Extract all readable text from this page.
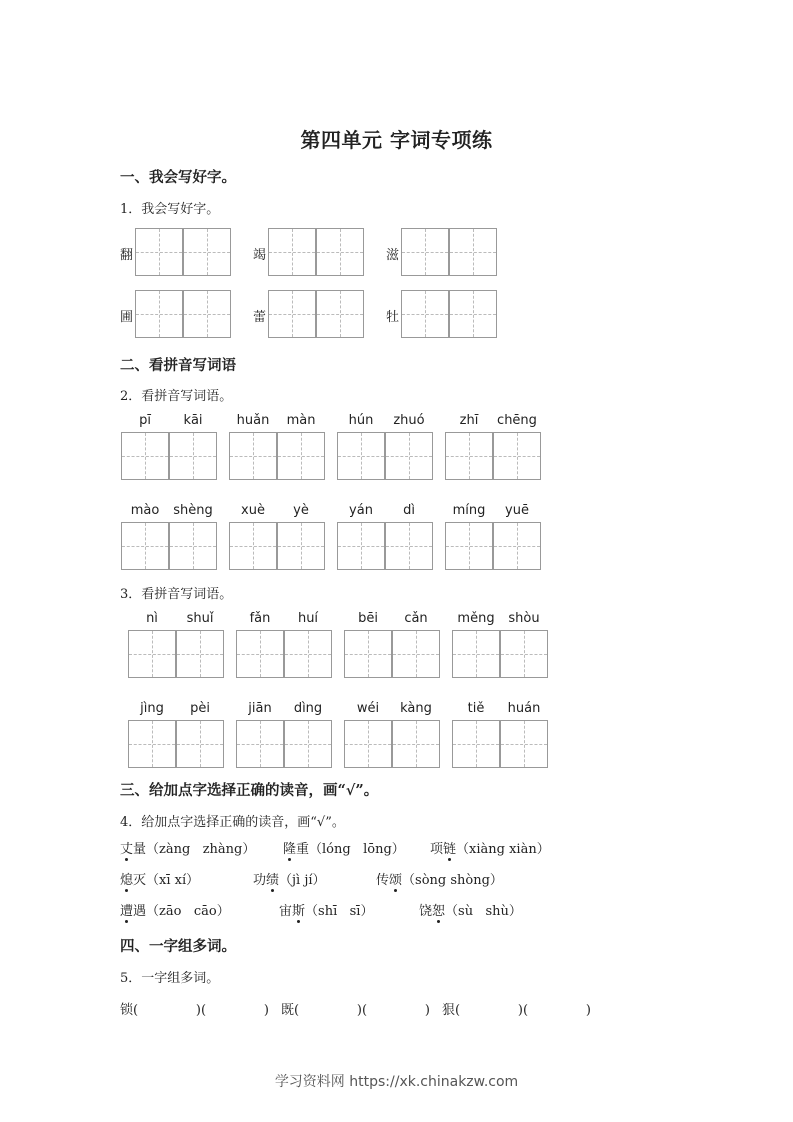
第四单元 字词专项练
一、我会写好字。
1．我会写好字。
翻	竭	滋
圃	蕾	牡
二、看拼音写词语
2．看拼音写词语。
pī	kāi	huǎn	màn	hún	zhuó	zhī	chēng
mào	shèng	xuè	yè	yán	dì	míng	yuē
3．看拼音写词语。
nì	shuǐ	fǎn	huí	bēi	cǎn	měng	shòu
jìng	pèi	jiān	dìng	wéi	kàng	tiě	huán
三、给加点字选择正确的读音，画“√”。
4．给加点字选择正确的读音，画“√”。
丈量（zàng   zhàng） 隆重（lóng   lōng） 项链（xiàng xiàn）
熄灭（xī xí）	功绩（jì jí）	传颂（sòng shòng）
遭遇（zāo   cāo）	宙斯（shī   sī）	饶恕（sù   shù）
四、一字组多词。
5．一字组多词。
锁(              )(              ) 既(              )(              ) 狠(              )(              )
学习资料网 https://xk.chinakzw.com
